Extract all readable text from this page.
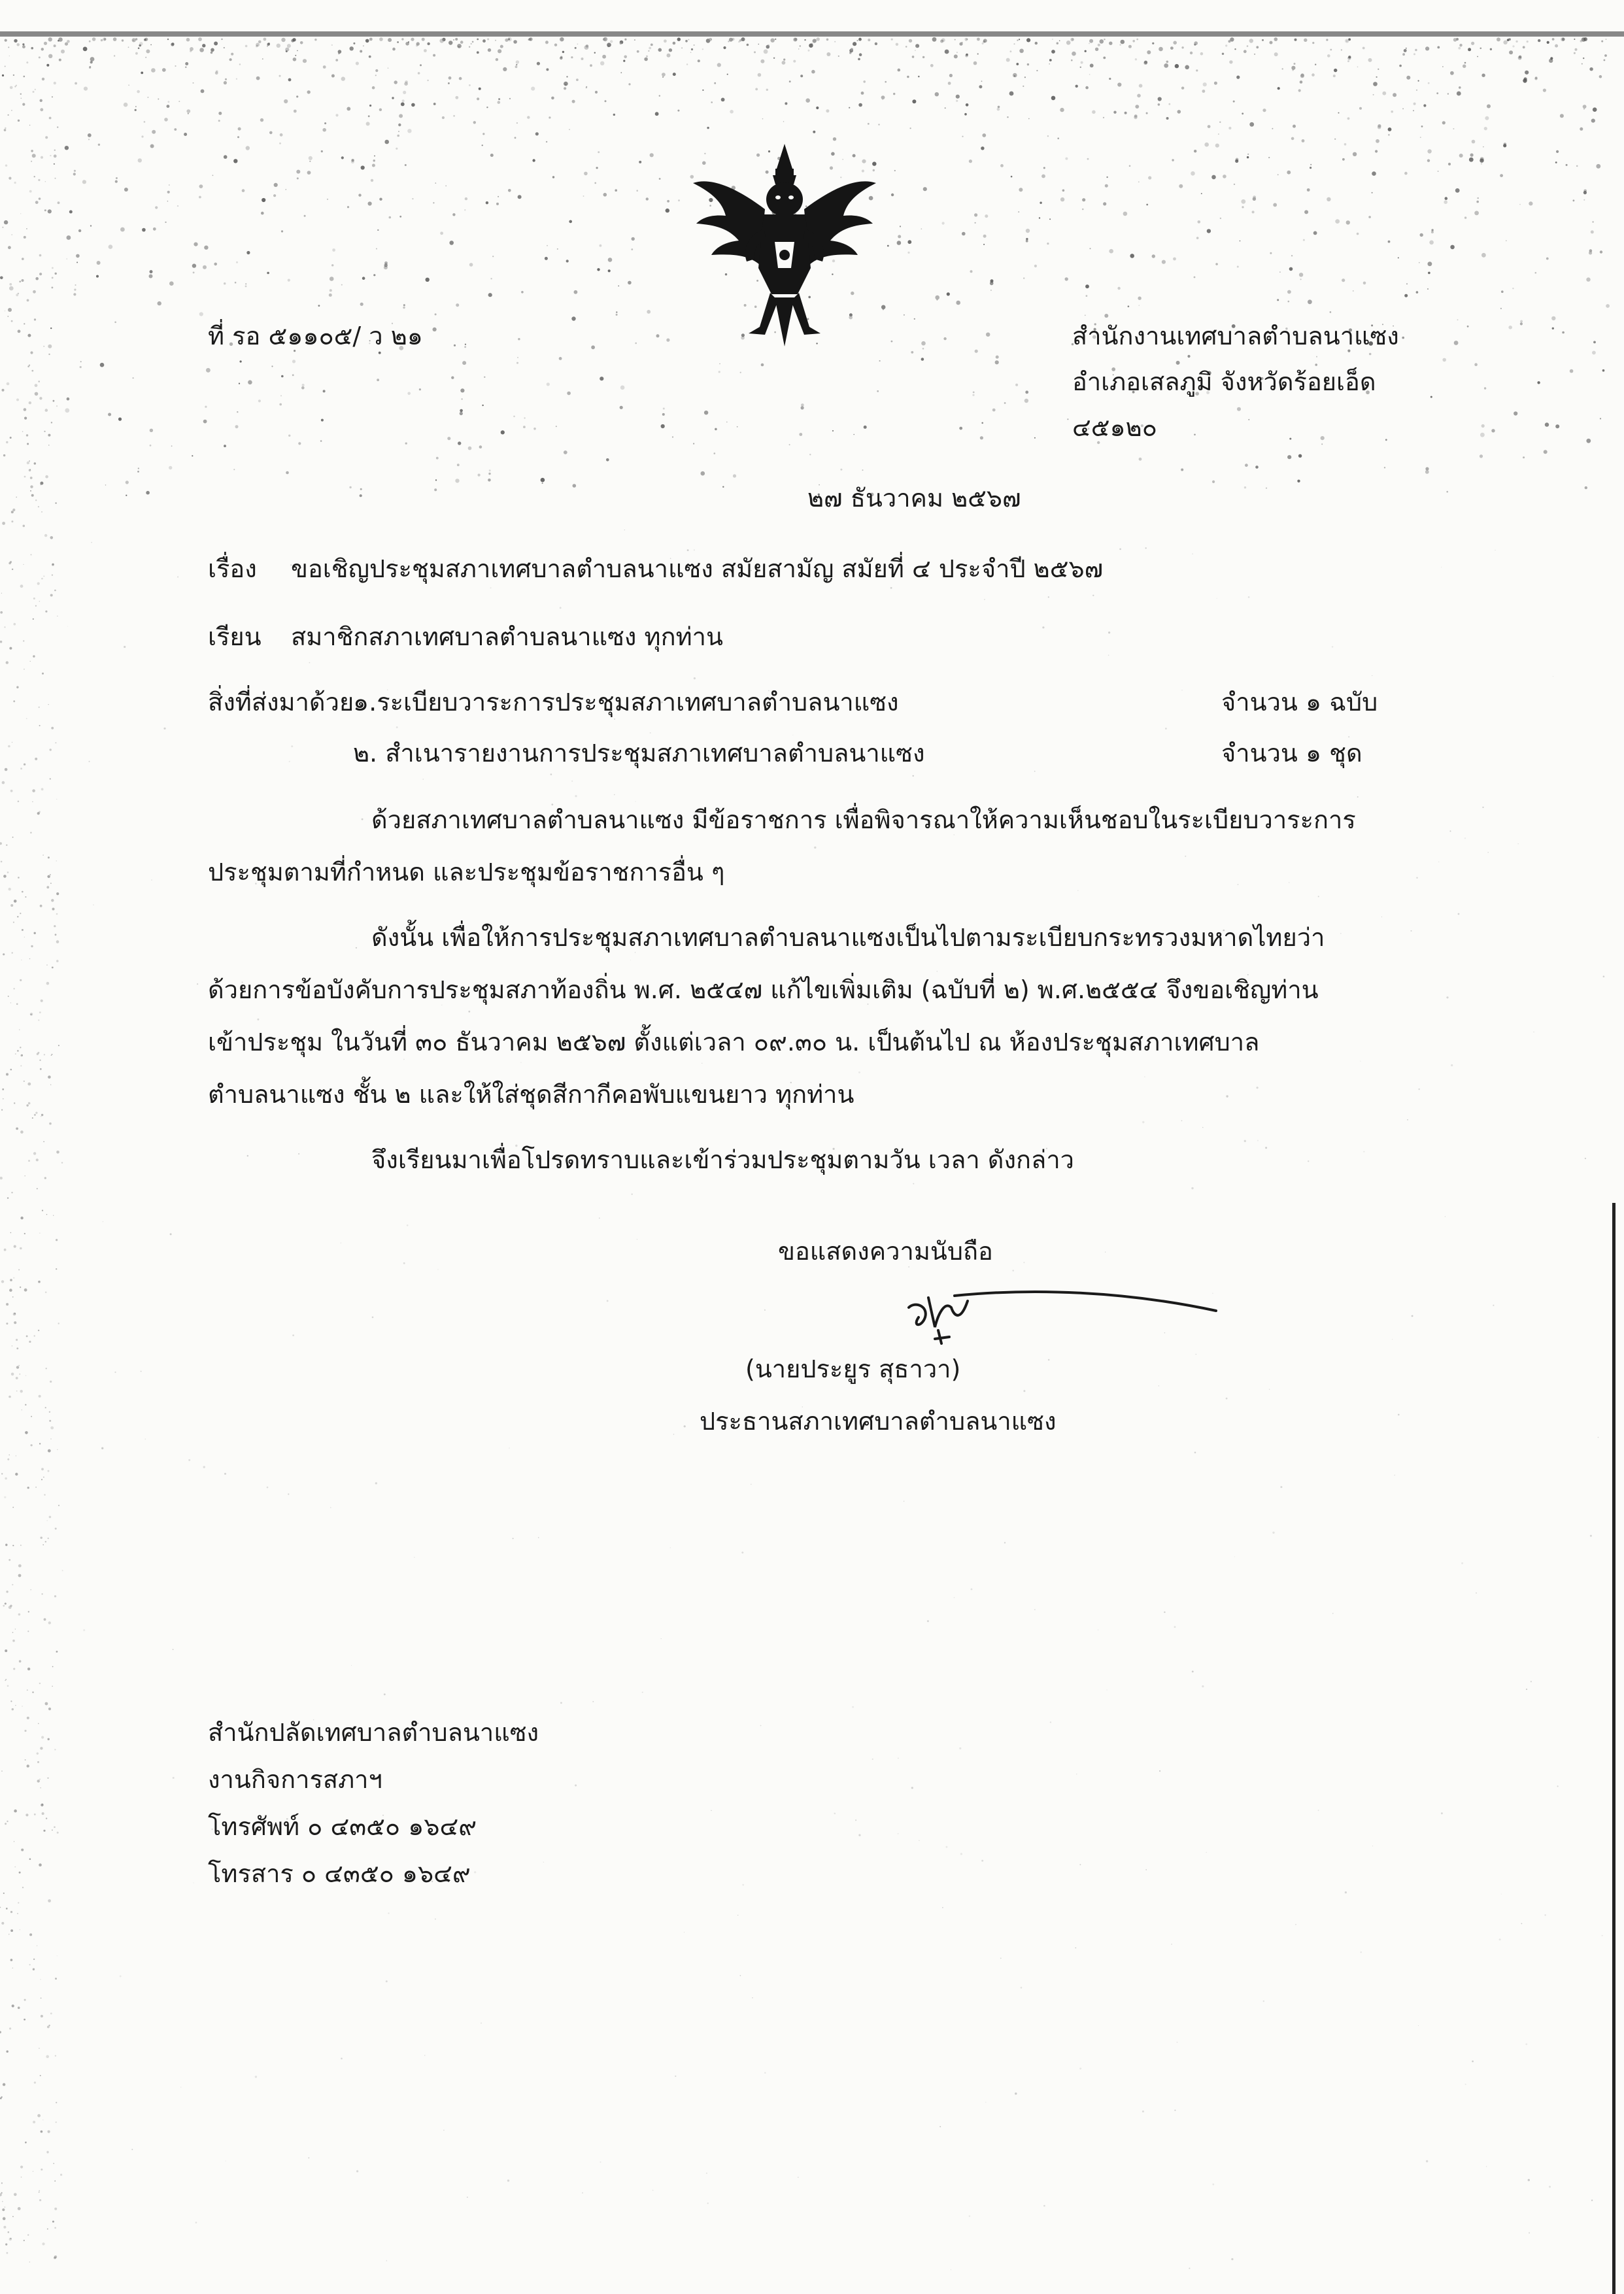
ที่ รอ ๕๑๑๐๕/ ว ๒๑	สำนักงานเทศบาลตำบลนาแซง
อำเภอเสลภูมิ จังหวัดร้อยเอ็ด
๔๕๑๒๐
๒๗ ธันวาคม ๒๕๖๗
เรื่อง ขอเชิญประชุมสภาเทศบาลตำบลนาแซง สมัยสามัญ สมัยที่ ๔ ประจำปี ๒๕๖๗
เรียน สมาชิกสภาเทศบาลตำบลนาแซง ทุกท่าน
สิ่งที่ส่งมาด้วย
๑.ระเบียบวาระการประชุมสภาเทศบาลตำบลนาแซง	จำนวน ๑ ฉบับ
๒. สำเนารายงานการประชุมสภาเทศบาลตำบลนาแซง	จำนวน ๑ ชุด
ด้วยสภาเทศบาลตำบลนาแซง มีข้อราชการ เพื่อพิจารณาให้ความเห็นชอบในระเบียบวาระการ
ประชุมตามที่กำหนด และประชุมข้อราชการอื่น ๆ
ดังนั้น เพื่อให้การประชุมสภาเทศบาลตำบลนาแซงเป็นไปตามระเบียบกระทรวงมหาดไทยว่า
ด้วยการข้อบังคับการประชุมสภาท้องถิ่น พ.ศ. ๒๕๔๗ แก้ไขเพิ่มเติม (ฉบับที่ ๒) พ.ศ.๒๕๕๔ จึงขอเชิญท่าน
เข้าประชุม ในวันที่ ๓๐ ธันวาคม ๒๕๖๗ ตั้งแต่เวลา ๐๙.๓๐ น. เป็นต้นไป ณ ห้องประชุมสภาเทศบาล
ตำบลนาแซง ชั้น ๒ และให้ใส่ชุดสีกากีคอพับแขนยาว ทุกท่าน
จึงเรียนมาเพื่อโปรดทราบและเข้าร่วมประชุมตามวัน เวลา ดังกล่าว
ขอแสดงความนับถือ
(นายประยูร สุธาวา)
ประธานสภาเทศบาลตำบลนาแซง
สำนักปลัดเทศบาลตำบลนาแซง
งานกิจการสภาฯ
โทรศัพท์ ๐ ๔๓๕๐ ๑๖๔๙
โทรสาร ๐ ๔๓๕๐ ๑๖๔๙
